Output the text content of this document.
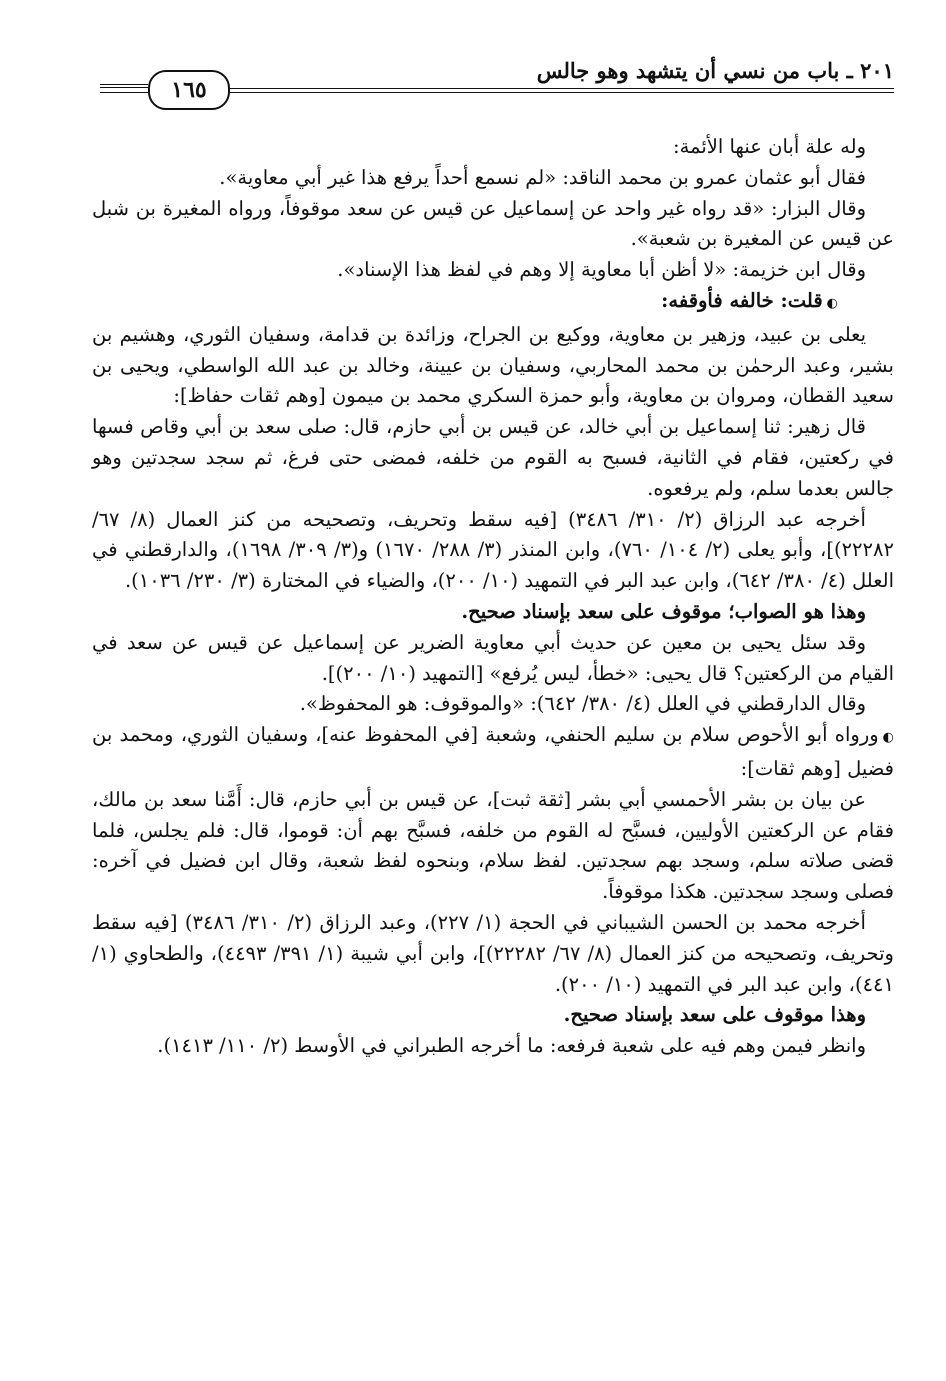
٢٠١ ـ باب من نسي أن يتشهد وهو جالس
١٦٥

وله علة أبان عنها الأئمة:

فقال أبو عثمان عمرو بن محمد الناقد: «لم نسمع أحداً يرفع هذا غير أبي معاوية».

وقال البزار: «قد رواه غير واحد عن إسماعيل عن قيس عن سعد موقوفاً، ورواه المغيرة بن شبل عن قيس عن المغيرة بن شعبة».

وقال ابن خزيمة: «لا أظن أبا معاوية إلا وهم في لفظ هذا الإسناد».

◐قلت: خالفه فأوقفه:

يعلى بن عبيد، وزهير بن معاوية، ووكيع بن الجراح، وزائدة بن قدامة، وسفيان الثوري، وهشيم بن بشير، وعبد الرحمٰن بن محمد المحاربي، وسفيان بن عيينة، وخالد بن عبد الله الواسطي، ويحيى بن سعيد القطان، ومروان بن معاوية، وأبو حمزة السكري محمد بن ميمون [وهم ثقات حفاظ]:

قال زهير: ثنا إسماعيل بن أبي خالد، عن قيس بن أبي حازم، قال: صلى سعد بن أبي وقاص فسها في ركعتين، فقام في الثانية، فسبح به القوم من خلفه، فمضى حتى فرغ، ثم سجد سجدتين وهو جالس بعدما سلم، ولم يرفعوه.

أخرجه عبد الرزاق (٢/ ٣١٠/ ٣٤٨٦) [فيه سقط وتحريف، وتصحيحه من كنز العمال (٨/ ٦٧/ ٢٢٢٨٢)]، وأبو يعلى (٢/ ١٠٤/ ٧٦٠)، وابن المنذر (٣/ ٢٨٨/ ١٦٧٠) و(٣/ ٣٠٩/ ١٦٩٨)، والدارقطني في العلل (٤/ ٣٨٠/ ٦٤٢)، وابن عبد البر في التمهيد (١٠/ ٢٠٠)، والضياء في المختارة (٣/ ٢٣٠/ ١٠٣٦).

وهذا هو الصواب؛ موقوف على سعد بإسناد صحيح.

وقد سئل يحيى بن معين عن حديث أبي معاوية الضرير عن إسماعيل عن قيس عن سعد في القيام من الركعتين؟ قال يحيى: «خطأ، ليس يُرفع» [التمهيد (١٠/ ٢٠٠)].

وقال الدارقطني في العلل (٤/ ٣٨٠/ ٦٤٢): «والموقوف: هو المحفوظ».

◐ورواه أبو الأحوص سلام بن سليم الحنفي، وشعبة [في المحفوظ عنه]، وسفيان الثوري، ومحمد بن فضيل [وهم ثقات]:

عن بيان بن بشر الأحمسي أبي بشر [ثقة ثبت]، عن قيس بن أبي حازم، قال: أَمَّنا سعد بن مالك، فقام عن الركعتين الأوليين، فسبَّح له القوم من خلفه، فسبَّح بهم أن: قوموا، قال: فلم يجلس، فلما قضى صلاته سلم، وسجد بهم سجدتين. لفظ سلام، وبنحوه لفظ شعبة، وقال ابن فضيل في آخره: فصلى وسجد سجدتين. هكذا موقوفاً.

أخرجه محمد بن الحسن الشيباني في الحجة (١/ ٢٢٧)، وعبد الرزاق (٢/ ٣١٠/ ٣٤٨٦) [فيه سقط وتحريف، وتصحيحه من كنز العمال (٨/ ٦٧/ ٢٢٢٨٢)]، وابن أبي شيبة (١/ ٣٩١/ ٤٤٩٣)، والطحاوي (١/ ٤٤١)، وابن عبد البر في التمهيد (١٠/ ٢٠٠).

وهذا موقوف على سعد بإسناد صحيح.

وانظر فيمن وهم فيه على شعبة فرفعه: ما أخرجه الطبراني في الأوسط (٢/ ١١٠/ ١٤١٣).
